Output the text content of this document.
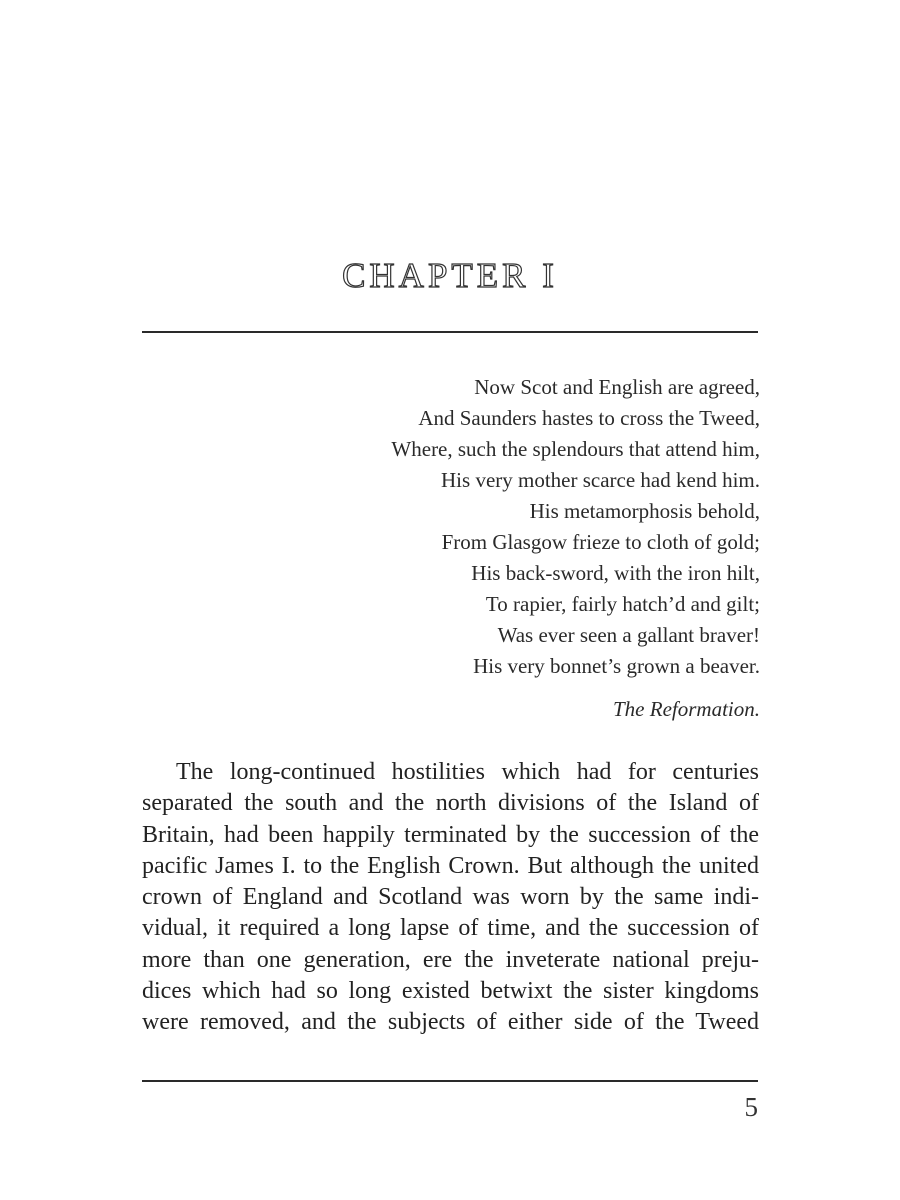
CHAPTER I
Now Scot and English are agreed,
And Saunders hastes to cross the Tweed,
Where, such the splendours that attend him,
His very mother scarce had kend him.
His metamorphosis behold,
From Glasgow frieze to cloth of gold;
His back-sword, with the iron hilt,
To rapier, fairly hatch’d and gilt;
Was ever seen a gallant braver!
His very bonnet’s grown a beaver.
The Reformation.
The long-continued hostilities which had for centuries
separated the south and the north divisions of the Island of
Britain, had been happily terminated by the succession of the
pacific James I. to the English Crown. But although the united
crown of England and Scotland was worn by the same indi-
vidual, it required a long lapse of time, and the succession of
more than one generation, ere the inveterate national preju-
dices which had so long existed betwixt the sister kingdoms
were removed, and the subjects of either side of the Tweed
5
